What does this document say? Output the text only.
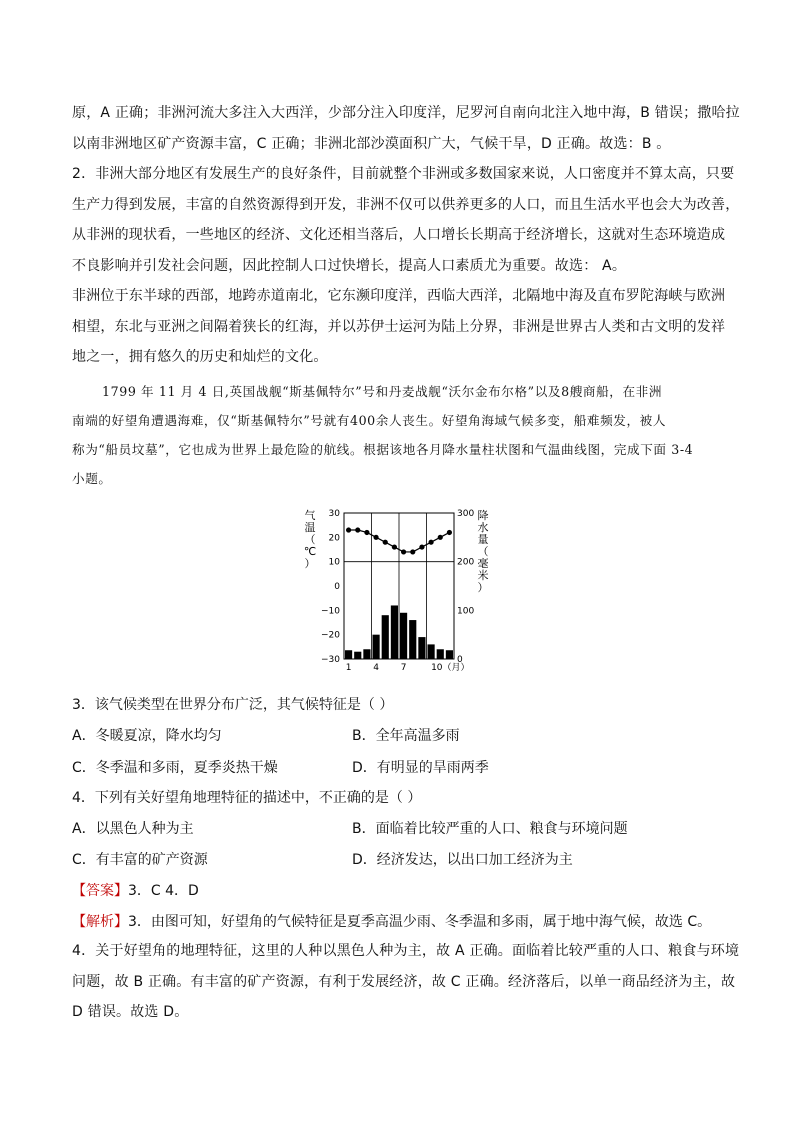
原，A 正确；非洲河流大多注入大西洋，少部分注入印度洋，尼罗河自南向北注入地中海，B 错误；撒哈拉
以南非洲地区矿产资源丰富，C 正确；非洲北部沙漠面积广大，气候干旱，D 正确。故选：B 。
2．非洲大部分地区有发展生产的良好条件，目前就整个非洲或多数国家来说，人口密度并不算太高，只要
生产力得到发展，丰富的自然资源得到开发，非洲不仅可以供养更多的人口，而且生活水平也会大为改善，
从非洲的现状看，一些地区的经济、文化还相当落后，人口增长长期高于经济增长，这就对生态环境造成
不良影响并引发社会问题，因此控制人口过快增长，提高人口素质尤为重要。故选： A。
非洲位于东半球的西部，地跨赤道南北，它东濒印度洋，西临大西洋，北隔地中海及直布罗陀海峡与欧洲
相望，东北与亚洲之间隔着狭长的红海，并以苏伊士运河为陆上分界，非洲是世界古人类和古文明的发祥
地之一，拥有悠久的历史和灿烂的文化。
1799 年 11 月 4 日,英国战舰“斯基佩特尔”号和丹麦战舰“沃尔金布尔格”以及8艘商船，在非洲
南端的好望角遭遇海难，仅“斯基佩特尔”号就有400余人丧生。好望角海域气候多变，船难频发，被人
称为“船员坟墓”，它也成为世界上最危险的航线。根据该地各月降水量柱状图和气温曲线图，完成下面 3-4
小题。
30
20
10
0
−10
−20
−30
300
200
100
0
1 4 7	10（月）
气
温
（
℃
）
降
水
量
（
毫
米
）
3．该气候类型在世界分布广泛，其气候特征是（ ）
A．冬暖夏凉，降水均匀	B．全年高温多雨
C．冬季温和多雨，夏季炎热干燥	D．有明显的旱雨两季
4．下列有关好望角地理特征的描述中，不正确的是（ ）
A．以黑色人种为主	B．面临着比较严重的人口、粮食与环境问题
C．有丰富的矿产资源	D．经济发达，以出口加工经济为主
【答案】3．C 4．D
【解析】3．由图可知，好望角的气候特征是夏季高温少雨、冬季温和多雨，属于地中海气候，故选 C。
4．关于好望角的地理特征，这里的人种以黑色人种为主，故 A 正确。面临着比较严重的人口、粮食与环境
问题，故 B 正确。有丰富的矿产资源，有利于发展经济，故 C 正确。经济落后，以单一商品经济为主，故
D 错误。故选 D。
